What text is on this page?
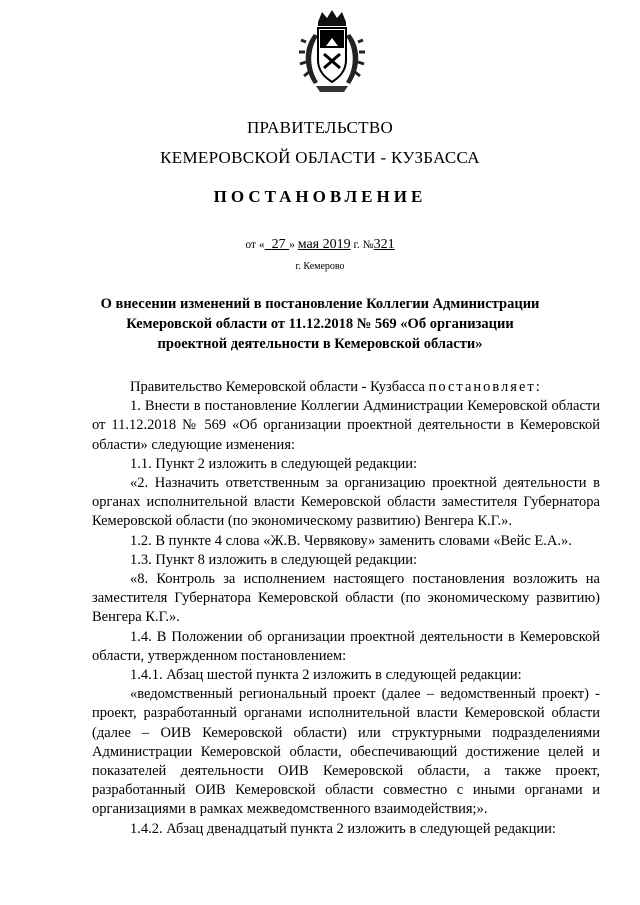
ПРАВИТЕЛЬСТВО
КЕМЕРОВСКОЙ ОБЛАСТИ - КУЗБАССА
ПОСТАНОВЛЕНИЕ
от « 27 » мая 2019 г. №321
г. Кемерово
О внесении изменений в постановление Коллегии Администрации Кемеровской области от 11.12.2018 № 569 «Об организации проектной деятельности в Кемеровской области»

Правительство Кемеровской области - Кузбасса постановляет:

1. Внести в постановление Коллегии Администрации Кемеровской области от 11.12.2018 № 569 «Об организации проектной деятельности в Кемеровской области» следующие изменения:

1.1. Пункт 2 изложить в следующей редакции:

«2. Назначить ответственным за организацию проектной деятельности в органах исполнительной власти Кемеровской области заместителя Губернатора Кемеровской области (по экономическому развитию) Венгера К.Г.».

1.2. В пункте 4 слова «Ж.В. Червякову» заменить словами «Вейс Е.А.».

1.3. Пункт 8 изложить в следующей редакции:

«8. Контроль за исполнением настоящего постановления возложить на заместителя Губернатора Кемеровской области (по экономическому развитию) Венгера К.Г.».

1.4. В Положении об организации проектной деятельности в Кемеровской области, утвержденном постановлением:

1.4.1. Абзац шестой пункта 2 изложить в следующей редакции:

«ведомственный региональный проект (далее – ведомственный проект) - проект, разработанный органами исполнительной власти Кемеровской области (далее – ОИВ Кемеровской области) или структурными подразделениями Администрации Кемеровской области, обеспечивающий достижение целей и показателей деятельности ОИВ Кемеровской области, а также проект, разработанный ОИВ Кемеровской области совместно с иными органами и организациями в рамках межведомственного взаимодействия;».

1.4.2. Абзац двенадцатый пункта 2 изложить в следующей редакции:
